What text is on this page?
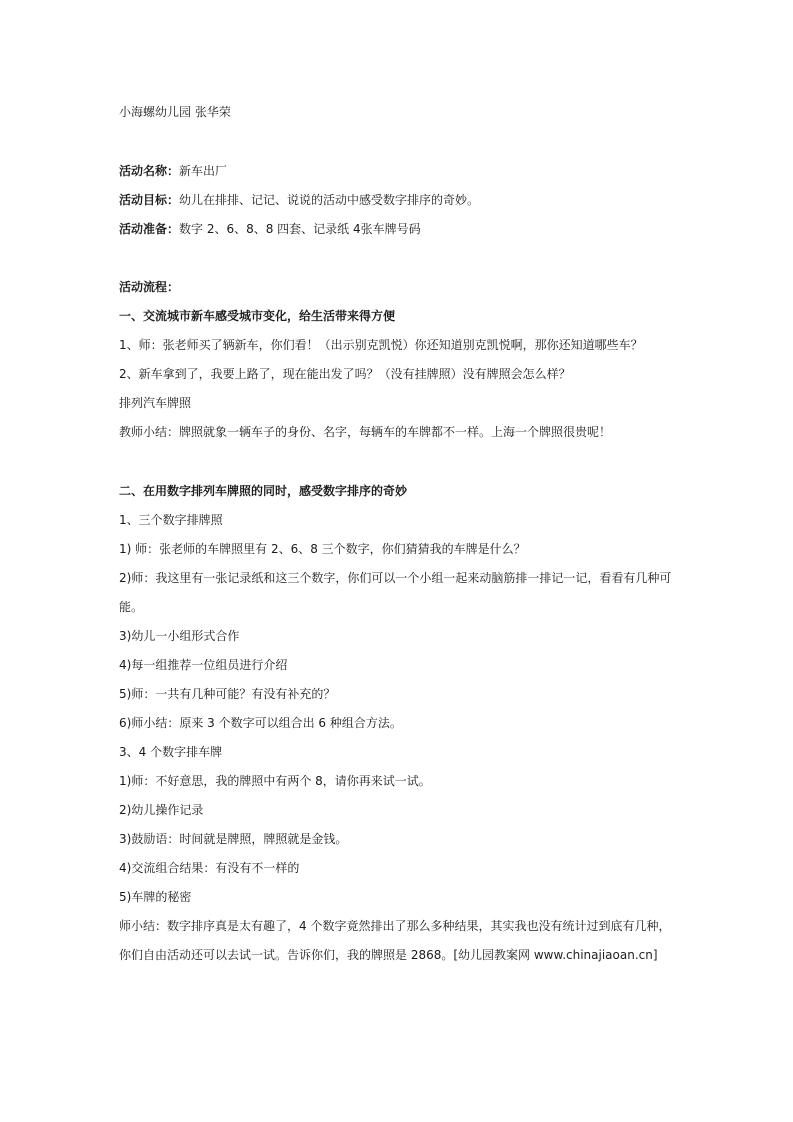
小海螺幼儿园 张华荣
活动名称：新车出厂
活动目标：幼儿在排排、记记、说说的活动中感受数字排序的奇妙。
活动准备：数字 2、6、8、8 四套、记录纸 4张车牌号码
活动流程：
一、交流城市新车感受城市变化，给生活带来得方便
1、师：张老师买了辆新车，你们看！（出示别克凯悦）你还知道别克凯悦啊，那你还知道哪些车？
2、新车拿到了，我要上路了，现在能出发了吗？（没有挂牌照）没有牌照会怎么样？
排列汽车牌照
教师小结：牌照就象一辆车子的身份、名字，每辆车的车牌都不一样。上海一个牌照很贵呢！
二、在用数字排列车牌照的同时，感受数字排序的奇妙
1、三个数字排牌照
1) 师：张老师的车牌照里有 2、6、8 三个数字，你们猜猜我的车牌是什么？
2)师：我这里有一张记录纸和这三个数字，你们可以一个小组一起来动脑筋排一排记一记，看看有几种可
能。
3)幼儿一小组形式合作
4)每一组推荐一位组员进行介绍
5)师：一共有几种可能？有没有补充的？
6)师小结：原来 3 个数字可以组合出 6 种组合方法。
3、4 个数字排车牌
1)师：不好意思，我的牌照中有两个 8，请你再来试一试。
2)幼儿操作记录
3)鼓励语：时间就是牌照，牌照就是金钱。
4)交流组合结果：有没有不一样的
5)车牌的秘密
师小结：数字排序真是太有趣了，4 个数字竟然排出了那么多种结果，其实我也没有统计过到底有几种，
你们自由活动还可以去试一试。告诉你们，我的牌照是 2868。[幼儿园教案网 www.chinajiaoan.cn]
